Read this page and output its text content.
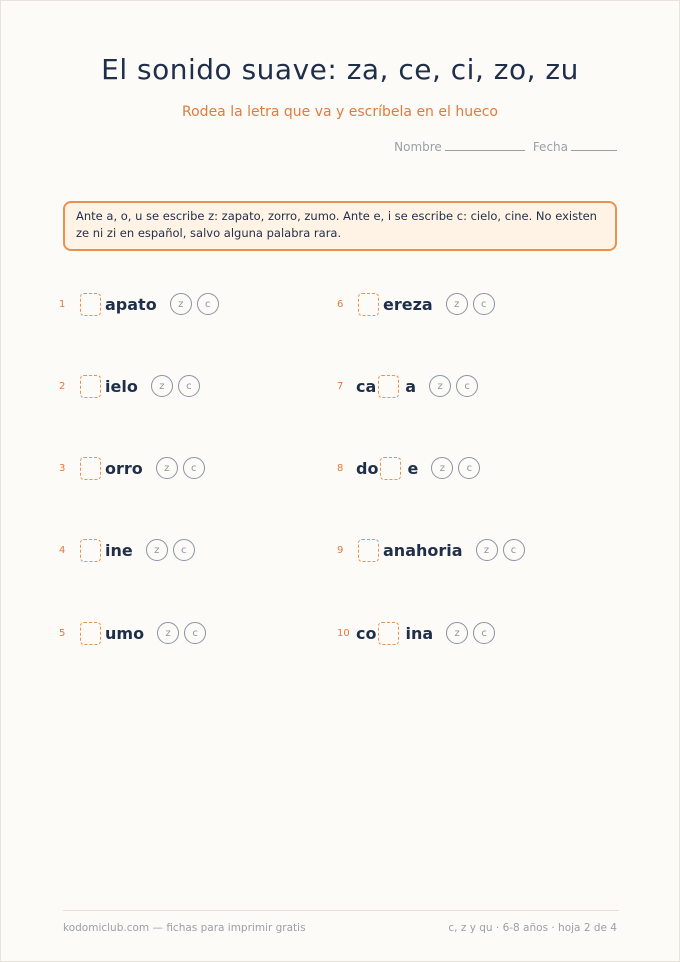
El sonido suave: za, ce, ci, zo, zu
Rodea la letra que va y escríbela en el hueco
Nombre	Fecha
Ante a, o, u se escribe z: zapato, zorro, zumo. Ante e, i se escribe c: cielo, cine. No existen ze ni zi en español, salvo alguna palabra rara.
1	apato	z	c
2	ielo	z	c
3	orro	z	c
4	ine	z	c
5	umo	z	c
6	ereza	z	c
7 ca a	z	c
8 do e	z	c
9	anahoria	z	c
10 co ina	z	c
kodomiclub.com — fichas para imprimir gratis	c, z y qu · 6-8 años · hoja 2 de 4
